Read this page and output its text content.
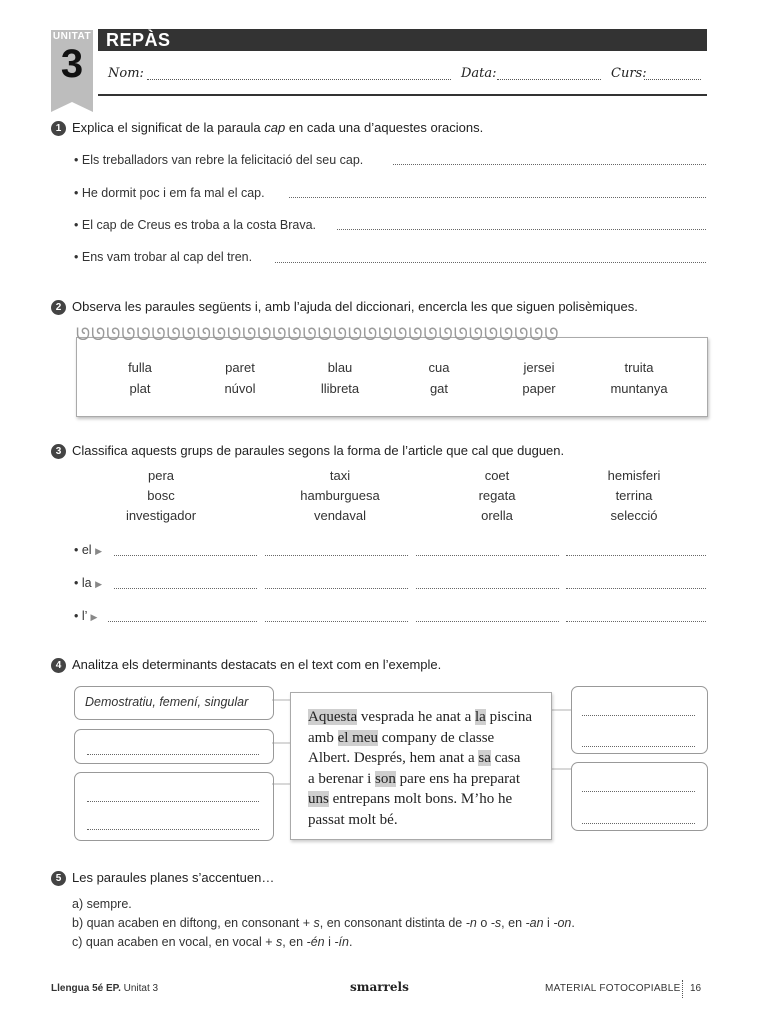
UNITAT
3
REPÀS
Nom:	Data:	Curs:
1 Explica el significat de la paraula cap en cada una d’aquestes oracions.
• Els treballadors van rebre la felicitació del seu cap.
• He dormit poc i em fa mal el cap.
• El cap de Creus es troba a la costa Brava.
• Ens vam trobar al cap del tren.
2 Observa les paraules següents i, amb l’ajuda del diccionari, encercla les que siguen polisèmiques.
ᘎᘎᘎᘎᘎᘎᘎᘎᘎᘎᘎᘎᘎᘎᘎᘎᘎᘎᘎᘎᘎᘎᘎᘎᘎᘎᘎᘎᘎᘎᘎᘎ
fulla	paret	blau	cua	jersei	truita
plat	núvol	llibreta	gat	paper	muntanya
3 Classifica aquests grups de paraules segons la forma de l’article que cal que duguen.
pera	taxi	coet	hemisferi
bosc	hamburguesa	regata	terrina
investigador	vendaval	orella	selecció
• el ▶
• la ▶
• l’ ▶
4 Analitza els determinants destacats en el text com en l’exemple.
Demostratiu, femení, singular
Aquesta vesprada he anat a la piscina
amb el meu company de classe
Albert. Després, hem anat a sa casa
a berenar i son pare ens ha preparat
uns entrepans molt bons. M’ho he
passat molt bé.
5 Les paraules planes s’accentuen…
a) sempre.
b) quan acaben en diftong, en consonant + s, en consonant distinta de -n o -s, en -an i -on.
c) quan acaben en vocal, en vocal + s, en -én i -ín.
Llengua 5é EP. Unitat 3	smarrels	MATERIAL FOTOCOPIABLE 16
